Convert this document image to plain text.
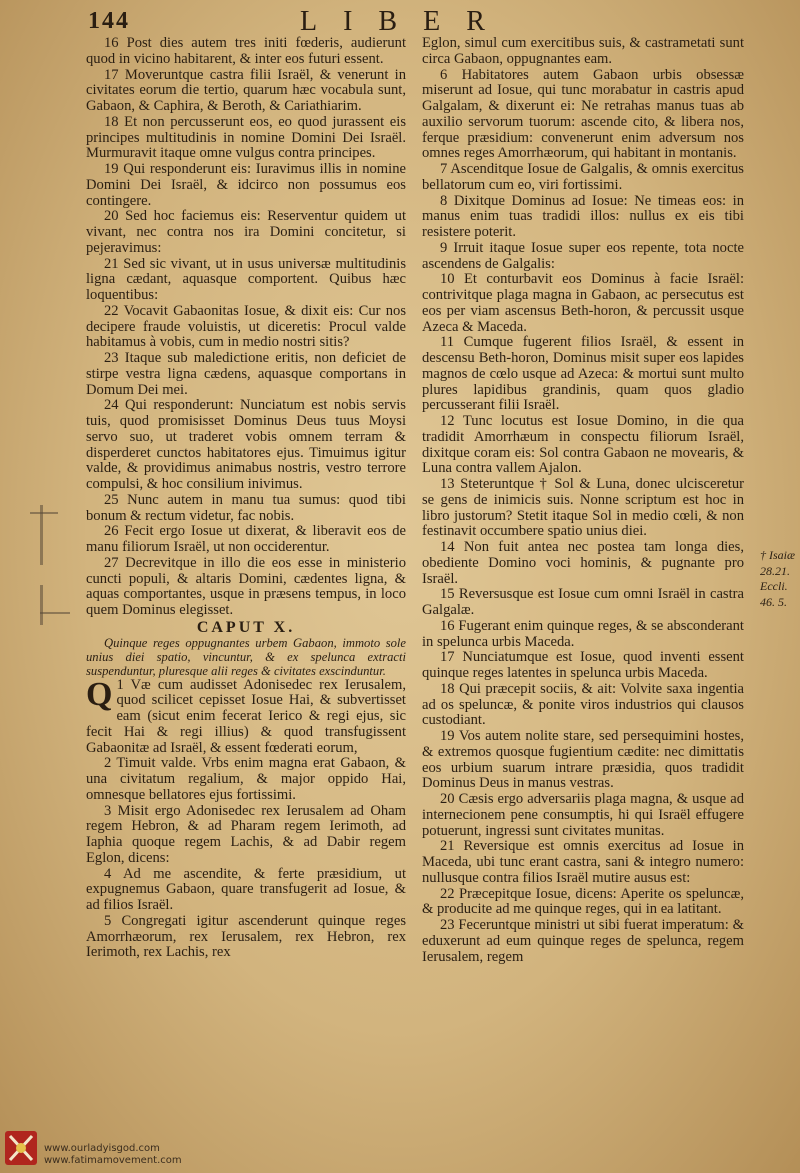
144	LIBER

16 Post dies autem tres initi fœderis, audierunt quod in vicino habitarent, & inter eos futuri essent.

17 Moveruntque castra filii Israël, & venerunt in civitates eorum die tertio, quarum hæc vocabula sunt, Gabaon, & Caphira, & Beroth, & Cariathiarim.

18 Et non percusserunt eos, eo quod jurassent eis principes multitudinis in nomine Domini Dei Israël. Murmuravit itaque omne vulgus contra principes.

19 Qui responderunt eis: Iuravimus illis in nomine Domini Dei Israël, & idcirco non possumus eos contingere.

20 Sed hoc faciemus eis: Reserventur quidem ut vivant, nec contra nos ira Domini concitetur, si pejeravimus:

21 Sed sic vivant, ut in usus universæ multitudinis ligna cædant, aquasque comportent. Quibus hæc loquentibus:

22 Vocavit Gabaonitas Iosue, & dixit eis: Cur nos decipere fraude voluistis, ut diceretis: Procul valde habitamus à vobis, cum in medio nostri sitis?

23 Itaque sub maledictione eritis, non deficiet de stirpe vestra ligna cædens, aquasque comportans in Domum Dei mei.

24 Qui responderunt: Nunciatum est nobis servis tuis, quod promisisset Dominus Deus tuus Moysi servo suo, ut traderet vobis omnem terram & disperderet cunctos habitatores ejus. Timuimus igitur valde, & providimus animabus nostris, vestro terrore compulsi, & hoc consilium inivimus.

25 Nunc autem in manu tua sumus: quod tibi bonum & rectum videtur, fac nobis.

26 Fecit ergo Iosue ut dixerat, & liberavit eos de manu filiorum Israël, ut non occiderentur.

27 Decrevitque in illo die eos esse in ministerio cuncti populi, & altaris Domini, cædentes ligna, & aquas comportantes, usque in præsens tempus, in loco quem Dominus elegisset.

CAPUT X.

Quinque reges oppugnantes urbem Gabaon, immoto sole unius diei spatio, vincuntur, & ex spelunca extracti suspenduntur, pluresque alii reges & civitates exscinduntur.

Q 1 Væ cum audisset Adonisedec rex Ierusalem, quod scilicet cepisset Iosue Hai, & subvertisset eam (sicut enim fecerat Ierico & regi ejus, sic fecit Hai & regi illius) & quod transfugissent Gabaonitæ ad Israël, & essent fœderati eorum,

2 Timuit valde. Vrbs enim magna erat Gabaon, & una civitatum regalium, & major oppido Hai, omnesque bellatores ejus fortissimi.

3 Misit ergo Adonisedec rex Ierusalem ad Oham regem Hebron, & ad Pharam regem Ierimoth, ad Iaphia quoque regem Lachis, & ad Dabir regem Eglon, dicens:

4 Ad me ascendite, & ferte præsidium, ut expugnemus Gabaon, quare transfugerit ad Iosue, & ad filios Israël.

5 Congregati igitur ascenderunt quinque reges Amorrhæorum, rex Ierusalem, rex Hebron, rex Ierimoth, rex Lachis, rex

Eglon, simul cum exercitibus suis, & castrametati sunt circa Gabaon, oppugnantes eam.

6 Habitatores autem Gabaon urbis obsessæ miserunt ad Iosue, qui tunc morabatur in castris apud Galgalam, & dixerunt ei: Ne retrahas manus tuas ab auxilio servorum tuorum: ascende cito, & libera nos, ferque præsidium: convenerunt enim adversum nos omnes reges Amorrhæorum, qui habitant in montanis.

7 Ascenditque Iosue de Galgalis, & omnis exercitus bellatorum cum eo, viri fortissimi.

8 Dixitque Dominus ad Iosue: Ne timeas eos: in manus enim tuas tradidi illos: nullus ex eis tibi resistere poterit.

9 Irruit itaque Iosue super eos repente, tota nocte ascendens de Galgalis:

10 Et conturbavit eos Dominus à facie Israël: contrivitque plaga magna in Gabaon, ac persecutus est eos per viam ascensus Beth-horon, & percussit usque Azeca & Maceda.

11 Cumque fugerent filios Israël, & essent in descensu Beth-horon, Dominus misit super eos lapides magnos de cœlo usque ad Azeca: & mortui sunt multo plures lapidibus grandinis, quam quos gladio percusserant filii Israël.

12 Tunc locutus est Iosue Domino, in die qua tradidit Amorrhæum in conspectu filiorum Israël, dixitque coram eis: Sol contra Gabaon ne movearis, & Luna contra vallem Ajalon.

13 Steteruntque † Sol & Luna, donec ulcisceretur se gens de inimicis suis. Nonne scriptum est hoc in libro justorum? Stetit itaque Sol in medio cœli, & non festinavit occumbere spatio unius diei.

14 Non fuit antea nec postea tam longa dies, obediente Domino voci hominis, & pugnante pro Israël.

15 Reversusque est Iosue cum omni Israël in castra Galgalæ.

16 Fugerant enim quinque reges, & se absconderant in spelunca urbis Maceda.

17 Nunciatumque est Iosue, quod inventi essent quinque reges latentes in spelunca urbis Maceda.

18 Qui præcepit sociis, & ait: Volvite saxa ingentia ad os speluncæ, & ponite viros industrios qui clausos custodiant.

19 Vos autem nolite stare, sed persequimini hostes, & extremos quosque fugientium cædite: nec dimittatis eos urbium suarum intrare præsidia, quos tradidit Dominus Deus in manus vestras.

20 Cæsis ergo adversariis plaga magna, & usque ad internecionem pene consumptis, hi qui Israël effugere potuerunt, ingressi sunt civitates munitas.

21 Reversique est omnis exercitus ad Iosue in Maceda, ubi tunc erant castra, sani & integro numero: nullusque contra filios Israël mutire ausus est:

22 Præcepitque Iosue, dicens: Aperite os speluncæ, & producite ad me quinque reges, qui in ea latitant.

23 Feceruntque ministri ut sibi fuerat imperatum: & eduxerunt ad eum quinque reges de spelunca, regem Ierusalem, regem

† Isaiæ 28.21. Eccli. 46. 5.
www.ourladyisgod.com
www.fatimamovement.com
